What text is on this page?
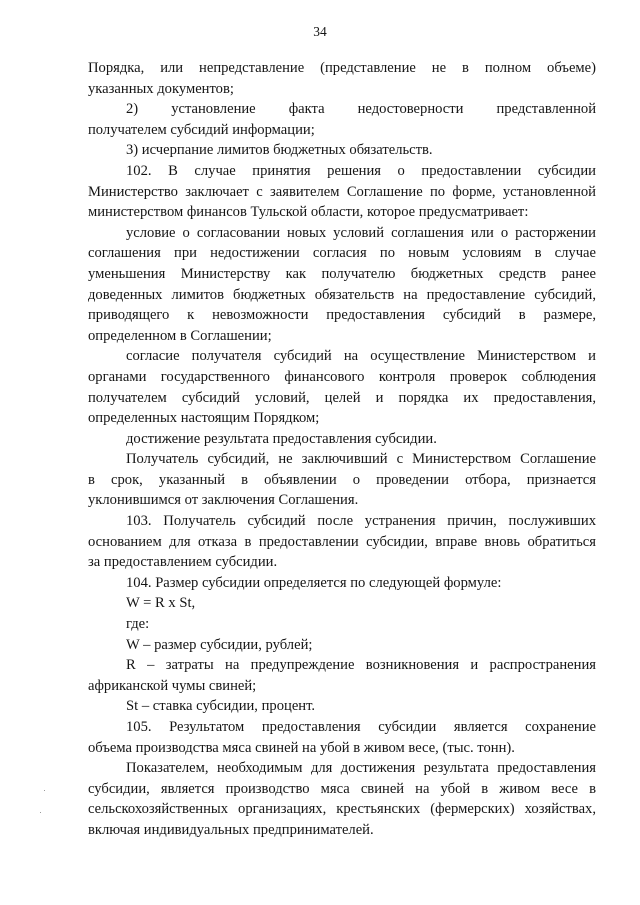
34
Порядка, или непредставление (представление не в полном объеме)
указанных документов;
2) установление факта недостоверности представленной
получателем субсидий информации;
3) исчерпание лимитов бюджетных обязательств.
102. В случае принятия решения о предоставлении субсидии
Министерство заключает с заявителем Соглашение по форме, установленной
министерством финансов Тульской области, которое предусматривает:
условие о согласовании новых условий соглашения или о расторжении
соглашения при недостижении согласия по новым условиям в случае
уменьшения Министерству как получателю бюджетных средств ранее
доведенных лимитов бюджетных обязательств на предоставление субсидий,
приводящего к невозможности предоставления субсидий в размере,
определенном в Соглашении;
согласие получателя субсидий на осуществление Министерством и
органами государственного финансового контроля проверок соблюдения
получателем субсидий условий, целей и порядка их предоставления,
определенных настоящим Порядком;
достижение результата предоставления субсидии.
Получатель субсидий, не заключивший с Министерством Соглашение
в срок, указанный в объявлении о проведении отбора, признается
уклонившимся от заключения Соглашения.
103. Получатель субсидий после устранения причин, послуживших
основанием для отказа в предоставлении субсидии, вправе вновь обратиться
за предоставлением субсидии.
104. Размер субсидии определяется по следующей формуле:
W = R x St,
где:
W – размер субсидии, рублей;
R – затраты на предупреждение возникновения и распространения
африканской чумы свиней;
St – ставка субсидии, процент.
105. Результатом предоставления субсидии является сохранение
объема производства мяса свиней на убой в живом весе, (тыс. тонн).
Показателем, необходимым для достижения результата предоставления
субсидии, является производство мяса свиней на убой в живом весе в
сельскохозяйственных организациях, крестьянских (фермерских) хозяйствах,
включая индивидуальных предпринимателей.
